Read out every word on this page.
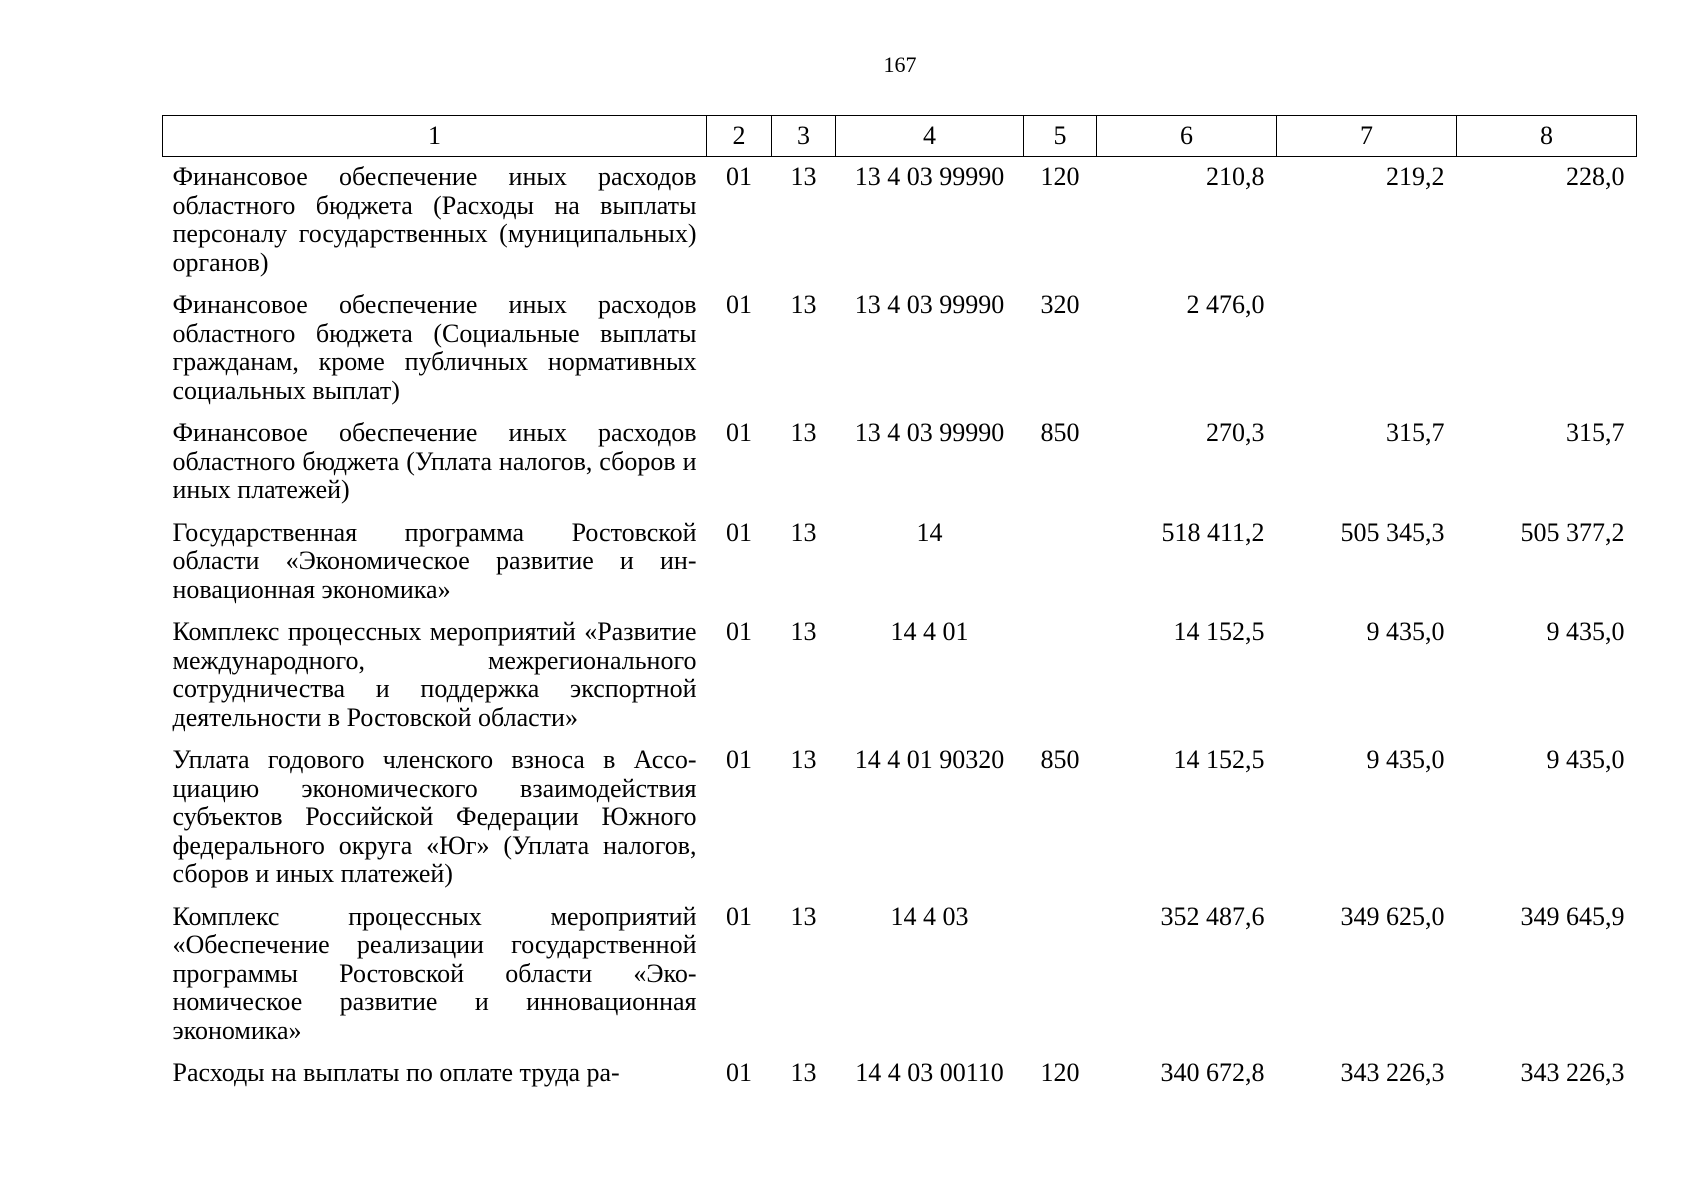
167
1	2	3	4	5	6	7	8
Финансовое обеспечение иных расходов областного бюджета (Расходы на выплаты персоналу государственных (муниципальных) органов)	01	13	13 4 03 99990	120	210,8	219,2	228,0
Финансовое обеспечение иных расходов областного бюджета (Социальные выплаты гражданам, кроме публичных нормативных социальных выплат)	01	13	13 4 03 99990	320	2 476,0		
Финансовое обеспечение иных расходов областного бюджета (Уплата налогов, сборов и иных платежей)	01	13	13 4 03 99990	850	270,3	315,7	315,7
Государственная программа Ростовской области «Экономическое развитие и инновационная экономика»	01	13	14		518 411,2	505 345,3	505 377,2
Комплекс процессных мероприятий «Развитие международного, межрегионального сотрудничества и поддержка экспортной деятельности в Ростовской области»	01	13	14 4 01		14 152,5	9 435,0	9 435,0
Уплата годового членского взноса в Ассоциацию экономического взаимодействия субъектов Российской Федерации Южного федерального округа «Юг» (Уплата налогов, сборов и иных платежей)	01	13	14 4 01 90320	850	14 152,5	9 435,0	9 435,0
Комплекс процессных мероприятий «Обеспечение реализации государственной программы Ростовской области «Экономическое развитие и инновационная экономика»	01	13	14 4 03		352 487,6	349 625,0	349 645,9
Расходы на выплаты по оплате труда ра-	01	13	14 4 03 00110	120	340 672,8	343 226,3	343 226,3
